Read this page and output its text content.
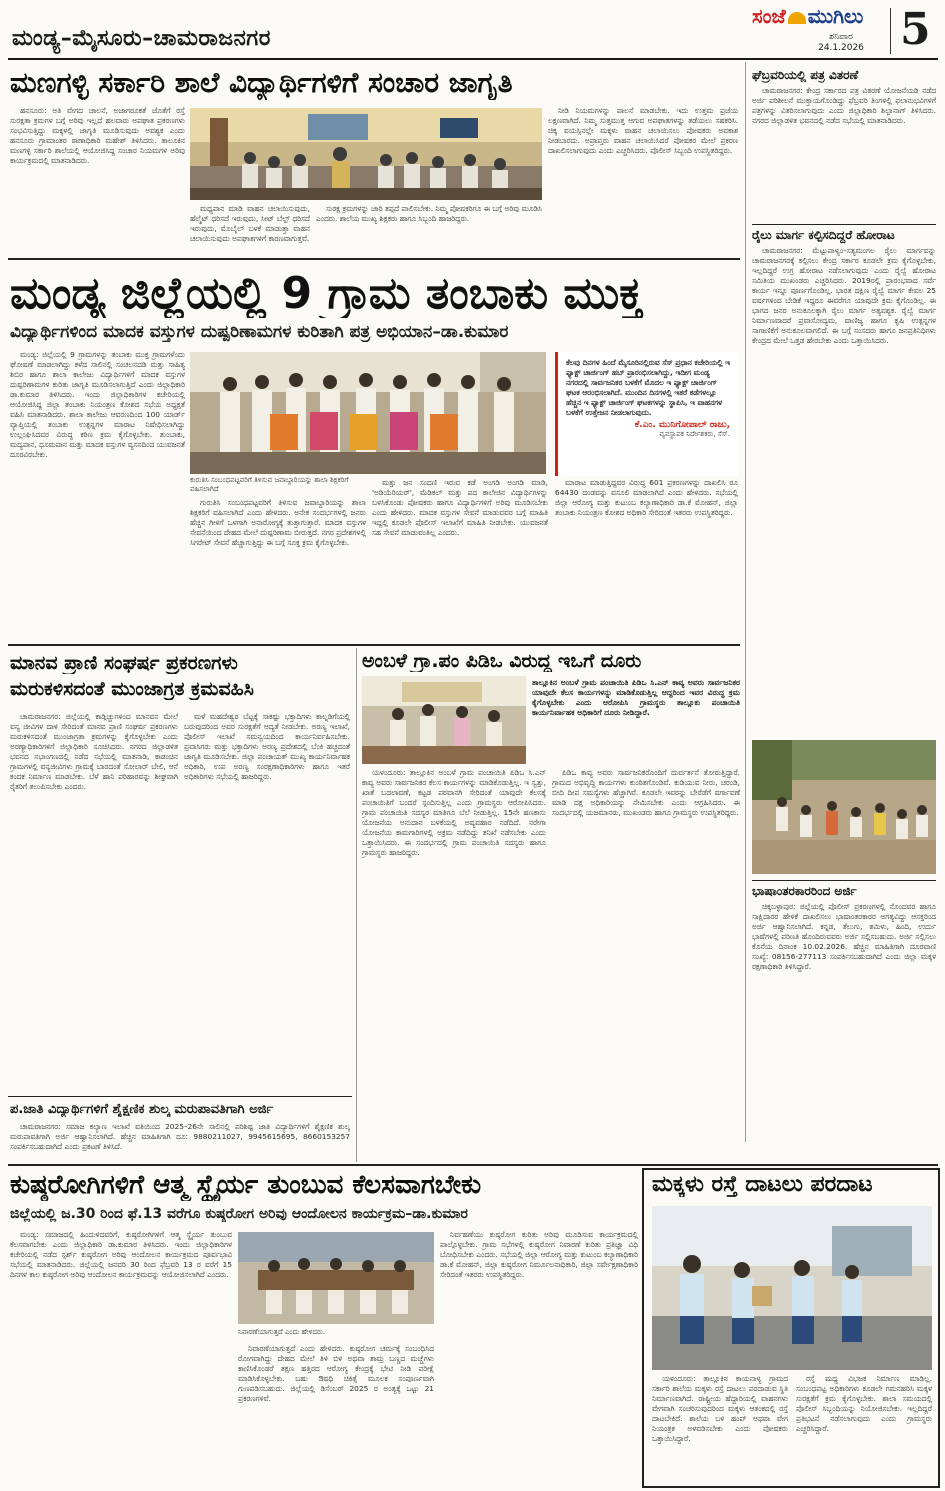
ಮಂಡ್ಯ–ಮೈಸೂರು–ಚಾಮರಾಜನಗರ
ಸಂಜೆ ಮುಗಿಲು
ಶನಿವಾರ
24.1.2026 5
ಮಣಗಳ್ಳಿ ಸರ್ಕಾರಿ ಶಾಲೆ ವಿದ್ಯಾರ್ಥಿಗಳಿಗೆ ಸಂಚಾರ ಜಾಗೃತಿ

ಹನಸೂರು: ಅತಿ ವೇಗದ ಚಾಲನೆ, ಅಜಾಗರೂಕತೆ ಜೊತೆಗೆ ರಸ್ತೆ ಸುರಕ್ಷತಾ ಕ್ರಮಗಳ ಬಗ್ಗೆ ಅರಿವು ಇಲ್ಲದೆ ಹಲವಾರು ಅಪಘಾತ ಪ್ರಕರಣಗಳು ಸಂಭವಿಸುತ್ತಿದ್ದು ಮಕ್ಕಳಲ್ಲಿ ಜಾಗೃತಿ ಮೂಡಿಸುವುದು ಅವಶ್ಯಕ ಎಂದು ಹನಸೂರು ಗ್ರಾಮಾಂತರ ಠಾಣಾಧಿಕಾರಿ ಮಹೇಶ್ ತಿಳಿಸಿದರು. ತಾಲೂಕಿನ ಮಣಗಳ್ಳಿ ಸರ್ಕಾರಿ ಶಾಲೆಯಲ್ಲಿ ಆಯೋಜಿಸಿದ್ದ ಸಂಚಾರ ನಿಯಮಗಳ ಅರಿವು ಕಾರ್ಯಕ್ರಮದಲ್ಲಿ ಮಾತನಾಡಿದರು.

ಮಧ್ಯಪಾನ ಮಾಡಿ ವಾಹನ ಚಲಾಯಿಸುವುದು, ಹೆಲ್ಮೆಟ್ ಧರಿಸದೆ ಇರುವುದು, ಸೀಟ್ ಬೆಲ್ಟ್ ಧರಿಸದೆ ಇರುವುದು, ಮೊಬೈಲ್ ಬಳಕೆ ಮಾಡುತ್ತಾ ವಾಹನ ಚಲಾಯಿಸುವುದು ಅಪಘಾತಗಳಿಗೆ ಕಾರಣವಾಗುತ್ತವೆ.

ಸುರಕ್ಷ ಕ್ರಮಗಳನ್ನು ಜಾರಿ ತಪ್ಪದೆ ಪಾಲಿಸಬೇಕು. ನಿಮ್ಮ ಪೋಷಕರಿಗೂ ಈ ಬಗ್ಗೆ ಅರಿವು ಮೂಡಿಸಿ ಎಂದರು. ಶಾಲೆಯ ಮುಖ್ಯ ಶಿಕ್ಷಕರು ಹಾಗೂ ಸಿಬ್ಬಂದಿ ಹಾಜರಿದ್ದರು.

ನೀಡಿ ನಿಯಮಗಳನ್ನು ಪಾಲನೆ ಮಾಡಬೇಕು. ಇದು ಉತ್ತಮ ಪ್ರಜೆಯ ಲಕ್ಷಣವಾಗಿದೆ. ನಿಮ್ಮ ಸುತ್ತಮುತ್ತ ಆಗುವ ಅಪಘಾತಗಳನ್ನು ತಡೆಯಲು ಸಹಕರಿಸಿ. ಚಿಕ್ಕ ವಯಸ್ಸಿನಲ್ಲೇ ಮಕ್ಕಳು ವಾಹನ ಚಲಾಯಿಸಲು ಪೋಷಕರು ಅವಕಾಶ ನೀಡಬಾರದು. ಅಪ್ರಾಪ್ತರು ವಾಹನ ಚಲಾಯಿಸಿದರೆ ಪೋಷಕರ ಮೇಲೆ ಪ್ರಕರಣ ದಾಖಲಿಸಲಾಗುವುದು ಎಂದು ಎಚ್ಚರಿಸಿದರು. ಪೊಲೀಸ್ ಸಿಬ್ಬಂದಿ ಉಪಸ್ಥಿತರಿದ್ದರು.

ಮಂಡ್ಯ ಜಿಲ್ಲೆಯಲ್ಲಿ 9 ಗ್ರಾಮ ತಂಬಾಕು ಮುಕ್ತ
ವಿದ್ಯಾರ್ಥಿಗಳಿಂದ ಮಾದಕ ವಸ್ತುಗಳ ದುಷ್ಪರಿಣಾಮಗಳ ಕುರಿತಾಗಿ ಪತ್ರ ಅಭಿಯಾನ–ಡಾ.ಕುಮಾರ

ಮಂಡ್ಯ: ಜಿಲ್ಲೆಯಲ್ಲಿ 9 ಗ್ರಾಮಗಳನ್ನು ತಂಬಾಕು ಮುಕ್ತ ಗ್ರಾಮಗಳೆಂದು ಘೋಷಣೆ ಮಾಡಲಾಗಿದ್ದು ಕಳೆದ ಸಾಲಿನಲ್ಲಿ ಸಂಚಲನದಡಿ ಮತ್ತು ಸಾಹಿತ್ಯ ಶಿಬಿರ ಹಾಗೂ ಶಾಲಾ ಕಾಲೇಜು ವಿದ್ಯಾರ್ಥಿಗಳಿಗೆ ಮಾದಕ ವಸ್ತುಗಳ ದುಷ್ಪರಿಣಾಮಗಳ ಕುರಿತು ಜಾಗೃತಿ ಮೂಡಿಸಲಾಗುತ್ತಿದೆ ಎಂದು ಜಿಲ್ಲಾಧಿಕಾರಿ ಡಾ.ಕುಮಾರ ತಿಳಿಸಿದರು. ಇಂದು ಜಿಲ್ಲಾಧಿಕಾರಿಗಳ ಕಚೇರಿಯಲ್ಲಿ ಆಯೋಜಿಸಿದ್ದ ಜಿಲ್ಲಾ ತಂಬಾಕು ನಿಯಂತ್ರಣ ಕೋಶದ ಸಭೆಯ ಅಧ್ಯಕ್ಷತೆ ವಹಿಸಿ ಮಾತನಾಡಿದರು. ಶಾಲಾ ಕಾಲೇಜು ಆವರಣದಿಂದ 100 ಯಾರ್ಡ್ ವ್ಯಾಪ್ತಿಯಲ್ಲಿ ತಂಬಾಕು ಉತ್ಪನ್ನಗಳ ಮಾರಾಟ ನಿಷೇಧಿಸಲಾಗಿದ್ದು ಉಲ್ಲಂಘಿಸಿದವರ ವಿರುದ್ಧ ಕಠಿಣ ಕ್ರಮ ಕೈಗೊಳ್ಳಬೇಕು. ತುಂಬಾಕು, ಮದ್ಯಪಾನ, ಧೂಮಪಾನ ಮತ್ತು ಮಾದಕ ವಸ್ತುಗಳ ವ್ಯಸನದಿಂದ ಯುವಜನತೆ ದೂರವಿರಬೇಕು.

ಕೆಲವು ದಿನಗಳ ಹಿಂದೆ ಮೈಸೂರಿನಲ್ಲಿರುವ ಸೆಸ್ ಪ್ರಧಾನ ಕಚೇರಿಯಲ್ಲಿ ಇ ಫ್ಯಾಕ್ಟ್ ಚಾರ್ಜಿಂಗ್ ಹಬ್ ಪ್ರಾರಂಭಿಸಲಾಗಿದ್ದು, ಇದೀಗ ಮಂಡ್ಯ ನಗರದಲ್ಲಿ ಸಾರ್ವಜನಿಕರ ಬಳಕೆಗೆ ಮೊದಲ ಇ ಫ್ಯಾಕ್ಟ್ ಚಾರ್ಜಿಂಗ್ ಘಟಕ ಆರಂಭಿಸಲಾಗಿದೆ. ಮುಂದಿನ ದಿನಗಳಲ್ಲಿ ಇತರೆ ಕಡೆಗಳಲ್ಲೂ ಹೆಚ್ಚಿನ ಇ ಫ್ಯಾಕ್ಟ್ ಚಾರ್ಜಿಂಗ್ ಘಟಕಗಳನ್ನು ಸ್ಥಾಪಿಸಿ, ಇ ವಾಹನಗಳ ಬಳಕೆಗೆ ಉತ್ತೇಜನ ನೀಡಲಾಗುವುದು.
ಕೆ.ಎಂ. ಮುನಿಗೋಪಾಲ್ ರಾಜು,
ವ್ಯವಸ್ಥಾಪಕ ನಿರ್ದೇಶಕರು, ಸೆಸ್.
ಕುರುತಿಸಿ ಸಂಬಂಧಪಟ್ಟವರಿಗೆ ತಿಳಿಸುವ ಜವಾಬ್ದಾರಿಯನ್ನು ಶಾಲಾ ಶಿಕ್ಷಕರಿಗೆ ವಹಿಸಲಾಗಿದೆ

ಗುರುತಿಸಿ ಸಂಬಂಧಪಟ್ಟವರಿಗೆ ತಿಳಿಸುವ ಜವಾಬ್ದಾರಿಯನ್ನು ಶಾಲಾ ಶಿಕ್ಷಕರಿಗೆ ವಹಿಸಲಾಗಿದೆ ಎಂದು ಹೇಳಿದರು. ಅನೇಕ ಸಂದರ್ಭಗಳಲ್ಲಿ ಜನರು ಹೆಚ್ಚಿನ ಗೀಳಿಗೆ ಒಳಗಾಗಿ ಅನಾರೋಗ್ಯಕ್ಕೆ ತುತ್ತಾಗುತ್ತಾರೆ. ಮಾದಕ ವಸ್ತುಗಳ ಸೇವನೆಯಿಂದ ದೇಹದ ಮೇಲೆ ದುಷ್ಪರಿಣಾಮ ಬೀರುತ್ತದೆ. ನಗರ ಪ್ರದೇಶಗಳಲ್ಲಿ ಸಿಗರೇಟ್ ಸೇವನೆ ಹೆಚ್ಚಾಗುತ್ತಿದ್ದು ಈ ಬಗ್ಗೆ ಸೂಕ್ತ ಕ್ರಮ ಕೈಗೊಳ್ಳಬೇಕು.

ಮತ್ತು ಜನ ಸಂದಣಿ ಇರುವ ಕಡೆ ಅಂಗಡಿ ಅಂಗಡಿ ಮಾಡಿ, 'ಅಡಿಯೆರಿಯರ್', ಮೆಡಿಕಲ್ ಮತ್ತು ಪದ ಕಾಲೇಜಿನ ವಿದ್ಯಾರ್ಥಿಗಳನ್ನು ಬಳಸಿಕೊಂಡು ಪೋಷಕರು ಹಾಗೂ ವಿದ್ಯಾರ್ಥಿಗಳಿಗೆ ಅರಿವು ಮೂಡಿಸಬೇಕು ಎಂದು ಹೇಳಿದರು. ಮಾದಕ ವಸ್ತುಗಳ ಸೇವನೆ ಮಾಡುವವರ ಬಗ್ಗೆ ಮಾಹಿತಿ ಇದ್ದಲ್ಲಿ ಕೂಡಲೇ ಪೊಲೀಸ್ ಇಲಾಖೆಗೆ ಮಾಹಿತಿ ನೀಡಬೇಕು. ಯುವಜನತೆ ಸಹ ಸೇವನೆ ಮಾಡುವಂತಿಲ್ಲ ಎಂದರು.

ಮಾರಾಟ ಮಾಡುತ್ತಿದ್ದವರ ವಿರುದ್ಧ 601 ಪ್ರಕರಣಗಳನ್ನು ದಾಖಲಿಸಿ ರೂ 64430 ದಂಡವನ್ನು ವಸೂಲಿ ಮಾಡಲಾಗಿದೆ ಎಂದು ಹೇಳಿದರು. ಸಭೆಯಲ್ಲಿ ಜಿಲ್ಲಾ ಆರೋಗ್ಯ ಮತ್ತು ಕುಟುಂಬ ಕಲ್ಯಾಣಾಧಿಕಾರಿ ಡಾ.ಕೆ ಮೋಹನ್, ಜಿಲ್ಲಾ ತಂಬಾಕು ನಿಯಂತ್ರಣ ಕೋಶದ ಅಧಿಕಾರಿ ಸೇರಿದಂತೆ ಇತರರು ಉಪಸ್ಥಿತರಿದ್ದರು.

ಘೆಬ್ರವರಿಯಲ್ಲಿ ಪತ್ರ ವಿತರಣೆ

ಚಾಮರಾಜನಗರ: ಕೇಂದ್ರ ಸರ್ಕಾರದ ಪತ್ರ ವಿತರಣೆ ಯೋಜನೆಯಡಿ ನಡೆದ ಅರ್ಜಿ ಪರಿಶೀಲನೆ ಮುಕ್ತಾಯಗೊಂಡಿದ್ದು ಫೆಬ್ರವರಿ ತಿಂಗಳಲ್ಲಿ ಫಲಾನುಭವಿಗಳಿಗೆ ಪತ್ರಗಳನ್ನು ವಿತರಿಸಲಾಗುವುದು ಎಂದು ಜಿಲ್ಲಾಧಿಕಾರಿ ಶಿಲ್ಪಾನಾಗ್ ತಿಳಿಸಿದರು. ನಗರದ ಜಿಲ್ಲಾಡಳಿತ ಭವನದಲ್ಲಿ ನಡೆದ ಸಭೆಯಲ್ಲಿ ಮಾತನಾಡಿದರು.

ರೈಲು ಮಾರ್ಗ ಕಲ್ಪಿಸದಿದ್ದರೆ ಹೋರಾಟ

ಚಾಮರಾಜನಗರ: ಮೆಟ್ಟುಪಾಳ್ಯಂ–ಸತ್ಯಮಂಗಲ ರೈಲು ಮಾರ್ಗವನ್ನು ಚಾಮರಾಜನಗರಕ್ಕೆ ಕಲ್ಪಿಸಲು ಕೇಂದ್ರ ಸರ್ಕಾರ ಕೂಡಲೇ ಕ್ರಮ ಕೈಗೊಳ್ಳಬೇಕು, ಇಲ್ಲದಿದ್ದರೆ ಉಗ್ರ ಹೋರಾಟ ನಡೆಸಲಾಗುವುದು ಎಂದು ರೈಲ್ವೆ ಹೋರಾಟ ಸಮಿತಿಯ ಮುಖಂಡರು ಎಚ್ಚರಿಸಿದರು. 2019ರಲ್ಲಿ ಪ್ರಾರಂಭವಾದ ಸರ್ವೆ ಕಾರ್ಯ ಇನ್ನೂ ಪೂರ್ಣಗೊಂಡಿಲ್ಲ. ಭಾರತ ದಕ್ಷಿಣ ರೈಲ್ವೆ ಮಾರ್ಗ ಕೇವಲ 25 ವರ್ಷಗಳಿಂದ ಬೇಡಿಕೆ ಇದ್ದರೂ ಈವರೆಗೂ ಯಾವುದೇ ಕ್ರಮ ಕೈಗೊಂಡಿಲ್ಲ. ಈ ಭಾಗದ ಜನರ ಅನುಕೂಲಕ್ಕಾಗಿ ರೈಲು ಮಾರ್ಗ ಅತ್ಯವಶ್ಯಕ. ರೈಲ್ವೆ ಮಾರ್ಗ ನಿರ್ಮಾಣವಾದರೆ ಪ್ರವಾಸೋದ್ಯಮ, ವಾಣಿಜ್ಯ ಹಾಗೂ ಕೃಷಿ ಉತ್ಪನ್ನಗಳ ಸಾಗಾಣಿಕೆಗೆ ಅನುಕೂಲವಾಗಲಿದೆ. ಈ ಬಗ್ಗೆ ಸಂಸದರು ಹಾಗೂ ಜನಪ್ರತಿನಿಧಿಗಳು ಕೇಂದ್ರದ ಮೇಲೆ ಒತ್ತಡ ಹೇರಬೇಕು ಎಂದು ಒತ್ತಾಯಿಸಿದರು.

ಭಾಷಾಂತರಕಾರರಿಂದ ಅರ್ಜಿ

ಚಿಕ್ಕಬಳ್ಳಾಪುರ: ಜಿಲ್ಲೆಯಲ್ಲಿ ಪೊಲೀಸ್ ಪ್ರಕರಣಗಳಲ್ಲಿ ನೊಂದವರ ಹಾಗೂ ಸಾಕ್ಷಿದಾರರ ಹೇಳಿಕೆ ದಾಖಲಿಸಲು ಭಾಷಾಂತರಕಾರರ ಅಗತ್ಯವಿದ್ದು ಆಸಕ್ತರಿಂದ ಅರ್ಜಿ ಆಹ್ವಾನಿಸಲಾಗಿದೆ. ಕನ್ನಡ, ತೆಲುಗು, ತಮಿಳು, ಹಿಂದಿ, ಉರ್ದು ಭಾಷೆಗಳಲ್ಲಿ ಪರಿಣತಿ ಹೊಂದಿರುವವರು ಅರ್ಜಿ ಸಲ್ಲಿಸಬಹುದು. ಅರ್ಜಿ ಸಲ್ಲಿಸಲು ಕೊನೆಯ ದಿನಾಂಕ 10.02.2026. ಹೆಚ್ಚಿನ ಮಾಹಿತಿಗಾಗಿ ದೂರವಾಣಿ ಸಂಖ್ಯೆ: 08156-277113 ಸಂಪರ್ಕಿಸಬಹುದಾಗಿದೆ ಎಂದು ಜಿಲ್ಲಾ ಮಕ್ಕಳ ರಕ್ಷಣಾಧಿಕಾರಿ ತಿಳಿಸಿದ್ದಾರೆ.

ಮಾನವ ಪ್ರಾಣಿ ಸಂಘರ್ಷ ಪ್ರಕರಣಗಳು
ಮರುಕಳಿಸದಂತೆ ಮುಂಜಾಗ್ರತ ಕ್ರಮವಹಿಸಿ

ಚಾಮರಾಜನಗರ: ಜಿಲ್ಲೆಯಲ್ಲಿ ಕಾಡ್ಗಿಚ್ಚುಗಳಿಂದ ಮಾನವನ ಮೇಲೆ ವನ್ಯ ಜೀವಿಗಳ ದಾಳಿ ಸೇರಿದಂತೆ ಮಾನವ ಪ್ರಾಣಿ ಸಂಘರ್ಷ ಪ್ರಕರಣಗಳು ಮರುಕಳಿಸದಂತೆ ಮುಂಜಾಗ್ರತಾ ಕ್ರಮಗಳನ್ನು ಕೈಗೊಳ್ಳಬೇಕು ಎಂದು ಅರಣ್ಯಾಧಿಕಾರಿಗಳಿಗೆ ಜಿಲ್ಲಾಧಿಕಾರಿ ಸೂಚಿಸಿದರು. ನಗರದ ಜಿಲ್ಲಾಡಳಿತ ಭವನದ ಸಭಾಂಗಣದಲ್ಲಿ ನಡೆದ ಸಭೆಯಲ್ಲಿ ಮಾತನಾಡಿ, ಕಾಡಂಚಿನ ಗ್ರಾಮಗಳಲ್ಲಿ ವನ್ಯಜೀವಿಗಳು ಗ್ರಾಮಕ್ಕೆ ಬಾರದಂತೆ ಸೋಲಾರ್ ಬೇಲಿ, ಆನೆ ಕಂದಕ ನಿರ್ಮಾಣ ಮಾಡಬೇಕು. ಬೆಳೆ ಹಾನಿ ಪರಿಹಾರವನ್ನು ಶೀಘ್ರವಾಗಿ ರೈತರಿಗೆ ತಲುಪಿಸಬೇಕು ಎಂದರು.

ಮಳೆ ಮಹದೇಶ್ವರ ಬೆಟ್ಟಕ್ಕೆ ಸಾಕಷ್ಟು ಭಕ್ತಾದಿಗಳು ಕಾಲ್ನಡಿಗೆಯಲ್ಲಿ ಬರುವುದರಿಂದ ಅವರ ಸುರಕ್ಷತೆಗೆ ಆದ್ಯತೆ ನೀಡಬೇಕು. ಅರಣ್ಯ ಇಲಾಖೆ, ಪೊಲೀಸ್ ಇಲಾಖೆ ಸಮನ್ವಯದಿಂದ ಕಾರ್ಯನಿರ್ವಹಿಸಬೇಕು. ಪ್ರವಾಸಿಗರು ಮತ್ತು ಭಕ್ತಾದಿಗಳು ಅರಣ್ಯ ಪ್ರದೇಶದಲ್ಲಿ ಬೆಂಕಿ ಹಚ್ಚದಂತೆ ಜಾಗೃತಿ ಮೂಡಿಸಬೇಕು. ಜಿಲ್ಲಾ ಪಂಚಾಯತ್ ಮುಖ್ಯ ಕಾರ್ಯನಿರ್ವಾಹಕ ಅಧಿಕಾರಿ, ಉಪ ಅರಣ್ಯ ಸಂರಕ್ಷಣಾಧಿಕಾರಿಗಳು ಹಾಗೂ ಇತರೆ ಅಧಿಕಾರಿಗಳು ಸಭೆಯಲ್ಲಿ ಹಾಜರಿದ್ದರು.

ಪ.ಜಾತಿ ವಿದ್ಯಾರ್ಥಿಗಳಿಗೆ ಶೈಕ್ಷಣಿಕ ಶುಲ್ಕ ಮರುಪಾವತಿಗಾಗಿ ಅರ್ಜಿ

ಚಾಮರಾಜನಗರ: ಸಮಾಜ ಕಲ್ಯಾಣ ಇಲಾಖೆ ವತಿಯಿಂದ 2025–26ನೇ ಸಾಲಿನಲ್ಲಿ ಪರಿಶಿಷ್ಟ ಜಾತಿ ವಿದ್ಯಾರ್ಥಿಗಳಿಗೆ ಶೈಕ್ಷಣಿಕ ಶುಲ್ಕ ಮರುಪಾವತಿಗಾಗಿ ಅರ್ಜಿ ಆಹ್ವಾನಿಸಲಾಗಿದೆ. ಹೆಚ್ಚಿನ ಮಾಹಿತಿಗಾಗಿ ದೂ: 9880211027, 9945615695, 8660153257 ಸಂಪರ್ಕಿಸಬಹುದಾಗಿದೆ ಎಂದು ಪ್ರಕಟಣೆ ತಿಳಿಸಿದೆ.

ಅಂಬಳೆ ಗ್ರಾ.ಪಂ ಪಿಡಿಒ ವಿರುದ್ಧ ಇಒಗೆ ದೂರು
ತಾಲ್ಲೂಕಿನ ಅಂಬಳೆ ಗ್ರಾಮ ಪಂಚಾಯಿತಿ ಪಿಡಿಒ ಸಿ.ಎನ್ ಕಾವ್ಯ ಅವರು ಸಾರ್ವಜನಿಕರ ಯಾವುದೇ ಕೆಲಸ ಕಾರ್ಯಗಳನ್ನು ಮಾಡಿಕೊಡುತ್ತಿಲ್ಲ ಆದ್ದರಿಂದ ಇವರ ವಿರುದ್ಧ ಕ್ರಮ ಕೈಗೊಳ್ಳಬೇಕು ಎಂದು ಆರೋಪಿಸಿ ಗ್ರಾಮಸ್ಥರು ತಾಲ್ಲೂಕು ಪಂಚಾಯಿತಿ ಕಾರ್ಯನಿರ್ವಾಹಕ ಅಧಿಕಾರಿಗೆ ದೂರು ನೀಡಿದ್ದಾರೆ.

ಯಳಂದೂರು: ತಾಲ್ಲೂಕಿನ ಅಂಬಳೆ ಗ್ರಾಮ ಪಂಚಾಯಿತಿ ಪಿಡಿಒ ಸಿ.ಎನ್ ಕಾವ್ಯ ಅವರು ಸಾರ್ವಜನಿಕರ ಕೆಲಸ ಕಾರ್ಯಗಳನ್ನು ಮಾಡಿಕೊಡುತ್ತಿಲ್ಲ. ಇ ಸ್ವತ್ತು, ಖಾತೆ ಬದಲಾವಣೆ, ಕಟ್ಟಡ ಪರವಾನಗಿ ಸೇರಿದಂತೆ ಯಾವುದೇ ಕೆಲಸಕ್ಕೆ ಪಂಚಾಯಿತಿಗೆ ಬಂದರೆ ಸ್ಪಂದಿಸುತ್ತಿಲ್ಲ ಎಂದು ಗ್ರಾಮಸ್ಥರು ಆರೋಪಿಸಿದರು. ಗ್ರಾಮ ಪಂಚಾಯಿತಿ ಸದಸ್ಯರ ಮಾತಿಗೂ ಬೆಲೆ ನೀಡುತ್ತಿಲ್ಲ. 15ನೇ ಹಣಕಾಸು ಯೋಜನೆಯ ಅನುದಾನ ಬಳಕೆಯಲ್ಲಿ ಅವ್ಯವಹಾರ ನಡೆದಿದೆ. ನರೇಗಾ ಯೋಜನೆಯ ಕಾಮಗಾರಿಗಳಲ್ಲಿ ಅಕ್ರಮ ನಡೆದಿದ್ದು ತನಿಖೆ ನಡೆಸಬೇಕು ಎಂದು ಒತ್ತಾಯಿಸಿದರು. ಈ ಸಂದರ್ಭದಲ್ಲಿ ಗ್ರಾಮ ಪಂಚಾಯಿತಿ ಸದಸ್ಯರು ಹಾಗೂ ಗ್ರಾಮಸ್ಥರು ಹಾಜರಿದ್ದರು.

ಪಿಡಿಒ ಕಾವ್ಯ ಅವರು ಸಾರ್ವಜನಿಕರೊಂದಿಗೆ ದುರ್ವರ್ತನೆ ತೋರುತ್ತಿದ್ದಾರೆ. ಗ್ರಾಮದ ಅಭಿವೃದ್ಧಿ ಕಾರ್ಯಗಳು ಕುಂಠಿತಗೊಂಡಿವೆ. ಕುಡಿಯುವ ನೀರು, ಚರಂಡಿ, ಬೀದಿ ದೀಪ ಸಮಸ್ಯೆಗಳು ಹೆಚ್ಚಾಗಿವೆ. ಕೂಡಲೇ ಇವರನ್ನು ಬೇರೆಡೆಗೆ ವರ್ಗಾವಣೆ ಮಾಡಿ ದಕ್ಷ ಅಧಿಕಾರಿಯನ್ನು ನೇಮಿಸಬೇಕು ಎಂದು ಆಗ್ರಹಿಸಿದರು. ಈ ಸಂದರ್ಭದಲ್ಲಿ ಯಜಮಾನರು, ಮುಖಂಡರು ಹಾಗೂ ಗ್ರಾಮಸ್ಥರು ಉಪಸ್ಥಿತರಿದ್ದರು.

ಕುಷ್ಠರೋಗಿಗಳಿಗೆ ಆತ್ಮ ಸ್ಥೈರ್ಯ ತುಂಬುವ ಕೆಲಸವಾಗಬೇಕು
ಜಿಲ್ಲೆಯಲ್ಲಿ ಜ.30 ರಿಂದ ಫೆ.13 ವರೆಗೂ ಕುಷ್ಠರೋಗ ಅರಿವು ಆಂದೋಲನ ಕಾರ್ಯಕ್ರಮ–ಡಾ.ಕುಮಾರ

ಮಂಡ್ಯ: ಸಮಾಜದಲ್ಲಿ ಹಿಂದುಳಿದವರಿಗೆ, ಕುಷ್ಠರೋಗಿಗಳಿಗೆ ಆತ್ಮ ಸ್ಥೈರ್ಯ ತುಂಬುವ ಕೆಲಸವಾಗಬೇಕು ಎಂದು ಜಿಲ್ಲಾಧಿಕಾರಿ ಡಾ.ಕುಮಾರ ತಿಳಿಸಿದರು. ಇಂದು ಜಿಲ್ಲಾಧಿಕಾರಿಗಳ ಕಚೇರಿಯಲ್ಲಿ ನಡೆದ ಸ್ಪರ್ಶ್ ಕುಷ್ಠರೋಗ ಅರಿವು ಆಂದೋಲನ ಕಾರ್ಯಕ್ರಮದ ಪೂರ್ವಭಾವಿ ಸಭೆಯಲ್ಲಿ ಮಾತನಾಡಿದರು. ಜಿಲ್ಲೆಯಲ್ಲಿ ಜನವರಿ 30 ರಿಂದ ಫೆಬ್ರವರಿ 13 ರ ವರೆಗೆ 15 ದಿನಗಳ ಕಾಲ ಕುಷ್ಠರೋಗ ಅರಿವು ಆಂದೋಲನ ಕಾರ್ಯಕ್ರಮವನ್ನು ಆಯೋಜಿಸಲಾಗಿದೆ ಎಂದರು.

ನಿವಾರಣೆಯಾಗುತ್ತದೆ ಎಂದು ಹೇಳಿದರು.

ನಿವಾರಣೆಯಾಗುತ್ತದೆ ಎಂದು ಹೇಳಿದರು. ಕುಷ್ಠರೋಗ ಚರ್ಮಕ್ಕೆ ಸಂಬಂಧಿಸಿದ ರೋಗವಾಗಿದ್ದು ದೇಹದ ಮೇಲೆ ತಿಳಿ ಬಿಳಿ ಅಥವಾ ತಾಮ್ರ ಬಣ್ಣದ ಮಚ್ಚೆಗಳು ಕಾಣಿಸಿಕೊಂಡರೆ ತಕ್ಷಣ ಹತ್ತಿರದ ಆರೋಗ್ಯ ಕೇಂದ್ರಕ್ಕೆ ಭೇಟಿ ನೀಡಿ ಪರೀಕ್ಷೆ ಮಾಡಿಸಿಕೊಳ್ಳಬೇಕು. ಬಹು ಔಷಧಿ ಚಿಕಿತ್ಸೆ ಮೂಲಕ ಸಂಪೂರ್ಣವಾಗಿ ಗುಣಪಡಿಸಬಹುದು. ಜಿಲ್ಲೆಯಲ್ಲಿ ಡಿಸೆಂಬರ್ 2025 ರ ಅಂತ್ಯಕ್ಕೆ ಒಟ್ಟು 21 ಪ್ರಕರಣಗಳಿವೆ.

ನಿರ್ವಹಣೆಯು ಕುಷ್ಠರೋಗ ಕುರಿತು ಅರಿವು ಮೂಡಿಸುವ ಕಾರ್ಯಕ್ರಮದಲ್ಲಿ ಪಾಲ್ಗೊಳ್ಳಬೇಕು. ಗ್ರಾಮ ಸಭೆಗಳಲ್ಲಿ ಕುಷ್ಠರೋಗ ನಿವಾರಣೆ ಕುರಿತು ಪ್ರತಿಜ್ಞಾ ವಿಧಿ ಬೋಧಿಸಬೇಕು ಎಂದರು. ಸಭೆಯಲ್ಲಿ ಜಿಲ್ಲಾ ಆರೋಗ್ಯ ಮತ್ತು ಕುಟುಂಬ ಕಲ್ಯಾಣಾಧಿಕಾರಿ ಡಾ.ಕೆ ಮೋಹನ್, ಜಿಲ್ಲಾ ಕುಷ್ಠರೋಗ ನಿರ್ಮೂಲನಾಧಿಕಾರಿ, ಜಿಲ್ಲಾ ಸರ್ವೇಕ್ಷಣಾಧಿಕಾರಿ ಸೇರಿದಂತೆ ಇತರರು ಉಪಸ್ಥಿತರಿದ್ದರು.

ಮಕ್ಕಳು ರಸ್ತೆ ದಾಟಲು ಪರದಾಟ

ಯಳಂದೂರು: ತಾಲ್ಲೂಕಿನ ಕಾಯನಾಳ್ಯ ಗ್ರಾಮದ ಸರ್ಕಾರಿ ಶಾಲೆಯ ಮಕ್ಕಳು ರಸ್ತೆ ದಾಟಲು ಪರದಾಡುವ ಸ್ಥಿತಿ ನಿರ್ಮಾಣವಾಗಿದೆ. ರಾಷ್ಟ್ರೀಯ ಹೆದ್ದಾರಿಯಲ್ಲಿ ವಾಹನಗಳು ವೇಗವಾಗಿ ಸಂಚರಿಸುವುದರಿಂದ ಮಕ್ಕಳು ಆತಂಕದಲ್ಲಿ ರಸ್ತೆ ದಾಟಬೇಕಿದೆ. ಶಾಲೆಯ ಬಳಿ ಹಂಪ್ ಅಥವಾ ವೇಗ ನಿಯಂತ್ರಕ ಅಳವಡಿಸಬೇಕು ಎಂದು ಪೋಷಕರು ಒತ್ತಾಯಿಸಿದ್ದಾರೆ.

ರಸ್ತೆ ಮಧ್ಯ ವಿಭಜಕ ನಿರ್ಮಾಣ ಮಾಡಿಲ್ಲ. ಸಂಬಂಧಪಟ್ಟ ಅಧಿಕಾರಿಗಳು ಕೂಡಲೇ ಗಮನಹರಿಸಿ ಮಕ್ಕಳ ಸುರಕ್ಷತೆಗೆ ಕ್ರಮ ಕೈಗೊಳ್ಳಬೇಕು. ಶಾಲಾ ಸಮಯದಲ್ಲಿ ಪೊಲೀಸ್ ಸಿಬ್ಬಂದಿಯನ್ನು ನಿಯೋಜಿಸಬೇಕು. ಇಲ್ಲದಿದ್ದರೆ ಪ್ರತಿಭಟನೆ ನಡೆಸಲಾಗುವುದು ಎಂದು ಗ್ರಾಮಸ್ಥರು ಎಚ್ಚರಿಸಿದ್ದಾರೆ.
